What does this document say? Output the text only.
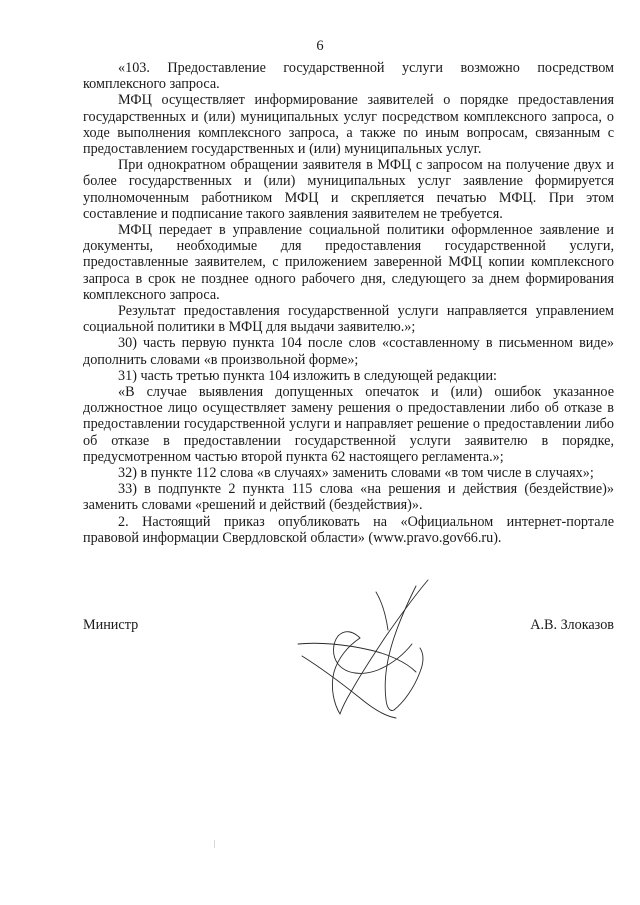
6

«103. Предоставление государственной услуги возможно посредством комплексного запроса.

МФЦ осуществляет информирование заявителей о порядке предоставления государственных и (или) муниципальных услуг посредством комплексного запроса, о ходе выполнения комплексного запроса, а также по иным вопросам, связанным с предоставлением государственных и (или) муниципальных услуг.

При однократном обращении заявителя в МФЦ с запросом на получение двух и более государственных и (или) муниципальных услуг заявление формируется уполномоченным работником МФЦ и скрепляется печатью МФЦ. При этом составление и подписание такого заявления заявителем не требуется.

МФЦ передает в управление социальной политики оформленное заявление и документы, необходимые для предоставления государственной услуги, предоставленные заявителем, с приложением заверенной МФЦ копии комплексного запроса в срок не позднее одного рабочего дня, следующего за днем формирования комплексного запроса.

Результат предоставления государственной услуги направляется управлением социальной политики в МФЦ для выдачи заявителю.»;

30) часть первую пункта 104 после слов «составленному в письменном виде» дополнить словами «в произвольной форме»;

31) часть третью пункта 104 изложить в следующей редакции:

«В случае выявления допущенных опечаток и (или) ошибок указанное должностное лицо осуществляет замену решения о предоставлении либо об отказе в предоставлении государственной услуги и направляет решение о предоставлении либо об отказе в предоставлении государственной услуги заявителю в порядке, предусмотренном частью второй пункта 62 настоящего регламента.»;

32) в пункте 112 слова «в случаях» заменить словами «в том числе в случаях»;

33) в подпункте 2 пункта 115 слова «на решения и действия (бездействие)» заменить словами «решений и действий (бездействия)».

2. Настоящий приказ опубликовать на «Официальном интернет-портале правовой информации Свердловской области» (www.pravo.gov66.ru).

Министр	А.В. Злоказов
